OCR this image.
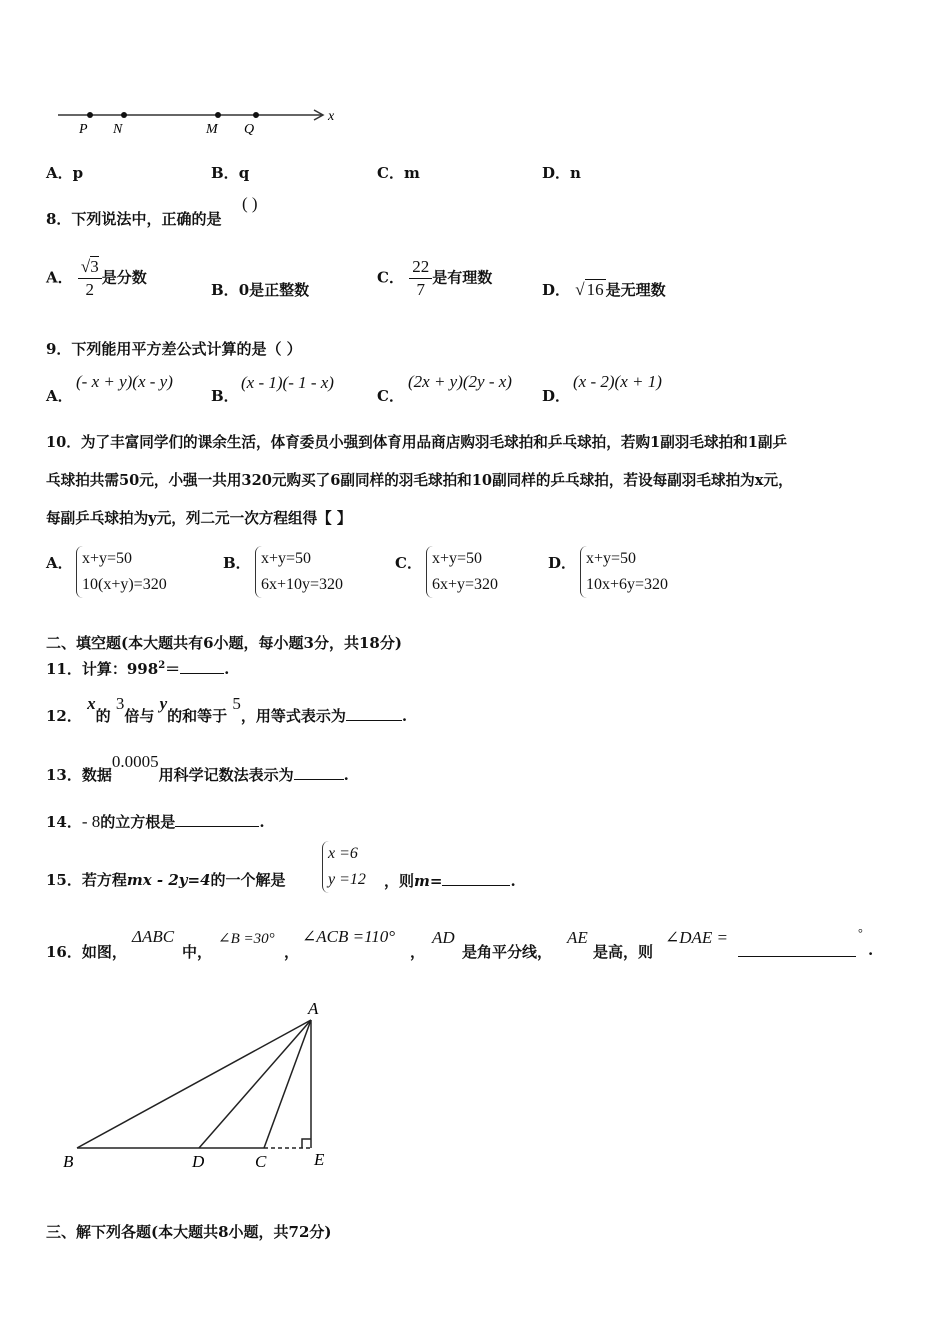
P N	M Q
x
A．p	B．q	C．m	D．n
8．下列说法中，正确的是
( )
A． $\frac{√3}{2}$ 是分数
B．0是正整数
C． $\frac{22}{7}$ 是有理数
D． √ 16 是无理数
9．下列能用平方差公式计算的是（ ）
A．
(- x + y)(x - y)
B．
(x - 1)(- 1 - x)
C．
(2x + y)(2y - x)
D．
(x - 2)(x + 1)
10．为了丰富同学们的课余生活，体育委员小强到体育用品商店购羽毛球拍和乒乓球拍，若购1副羽毛球拍和1副乒
乓球拍共需50元，小强一共用320元购买了6副同样的羽毛球拍和10副同样的乒乓球拍，若设每副羽毛球拍为x元，
每副乒乓球拍为y元，列二元一次方程组得【 】
A． x+y=50
10(x+y)=320
B． x+y=50
6x+10y=320
C． x+y=50
6x+y=320
D． x+y=50
10x+6y=320
二、填空题(本大题共有6小题，每小题3分，共18分)
11．计算：$998^2=$	.
12． x的 3倍与 y的和等于 5，用等式表示为	.
13．数据0.0005用科学记数法表示为	.
14．- 8的立方根是	.
15．若方程mx - 2y=4的一个解是
x =6
y =12 ，则m=	.
16．如图，
ΔABC
中，
∠B =30°
，
∠ACB =110°
，
AD
是角平分线，
AE
是高，则
∠DAE =	°
.
A
B	D	C	E
三、解下列各题(本大题共8小题，共72分)
